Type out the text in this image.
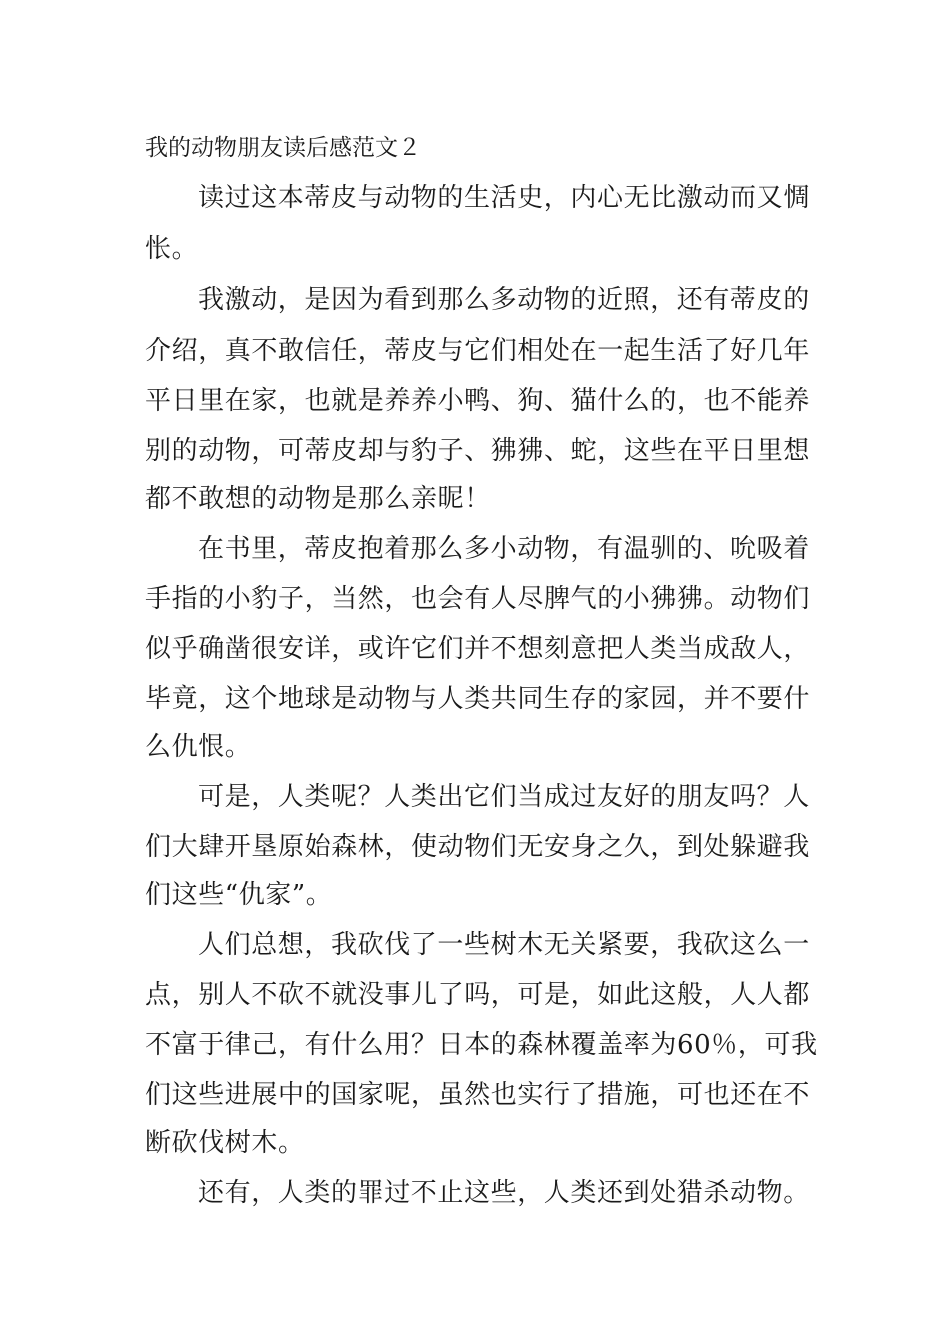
我的动物朋友读后感范文２
读过这本蒂皮与动物的生活史，内心无比激动而又惆
怅。
我激动，是因为看到那么多动物的近照，还有蒂皮的
介绍，真不敢信任，蒂皮与它们相处在一起生活了好几年
平日里在家，也就是养养小鸭、狗、猫什么的，也不能养
别的动物，可蒂皮却与豹子、狒狒、蛇，这些在平日里想
都不敢想的动物是那么亲昵！
在书里，蒂皮抱着那么多小动物，有温驯的、吮吸着
手指的小豹子，当然，也会有人尽脾气的小狒狒。动物们
似乎确凿很安详，或许它们并不想刻意把人类当成敌人，
毕竟，这个地球是动物与人类共同生存的家园，并不要什
么仇恨。
可是，人类呢？人类出它们当成过友好的朋友吗？人
们大肆开垦原始森林，使动物们无安身之久，到处躲避我
们这些“仇家”。
人们总想，我砍伐了一些树木无关紧要，我砍这么一
点，别人不砍不就没事儿了吗，可是，如此这般，人人都
不富于律己，有什么用？日本的森林覆盖率为60％，可我
们这些进展中的国家呢，虽然也实行了措施，可也还在不
断砍伐树木。
还有，人类的罪过不止这些，人类还到处猎杀动物。
